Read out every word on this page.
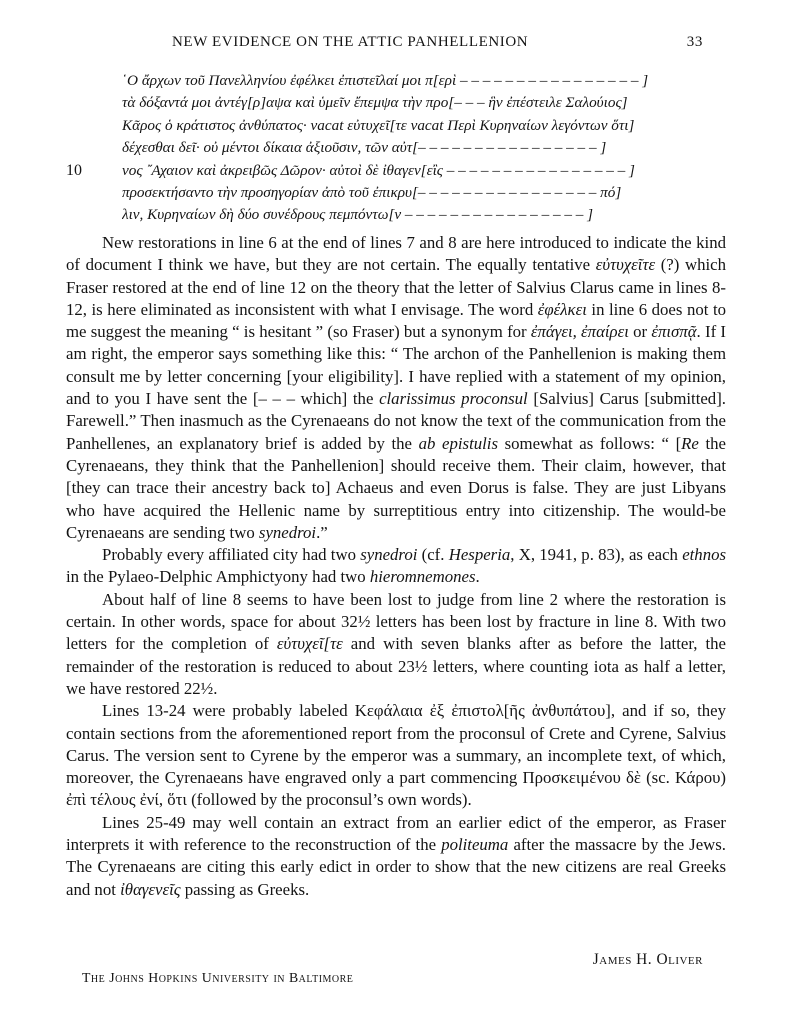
NEW EVIDENCE ON THE ATTIC PANHELLENION	33
῾Ο ἄρχων τοῦ Πανελληνίου ἐφέλκει ἐπιστεῖλαί μοι π[ερὶ – – – – – – – – – – – – – – – – ]
τὰ δόξαντά μοι ἀντέγ[ρ]αψα καὶ ὑμεῖν ἔπεμψα τὴν προ[– – – ἣν ἐπέστειλε Σαλούιος]
Κᾶρος ὁ κράτιστος ἀνθύπατος· vacat εὐτυχεῖ[τε vacat Περὶ Κυρηναίων λεγόντων ὅτι]
δέχεσθαι δεῖ· οὐ μέντοι δίκαια ἀξιοῦσιν, τῶν αὐτ[– – – – – – – – – – – – – – – – ]
10	νος ῎Αχαιον καὶ ἀκρειβῶς Δῶρον· αὐτοὶ δὲ ἰθαγεν[εἲς – – – – – – – – – – – – – – – – ]
προσεκτήσαντο τὴν προσηγορίαν ἀπὸ τοῦ ἐπικρυ[– – – – – – – – – – – – – – – – πό]
λιν, Κυρηναίων δὴ δύο συνέδρους πεμπόντω[ν – – – – – – – – – – – – – – – – ]

New restorations in line 6 at the end of lines 7 and 8 are here introduced to indicate the kind of document I think we have, but they are not certain. The equally tentative εὐτυχεῖτε (?) which Fraser restored at the end of line 12 on the theory that the letter of Salvius Clarus came in lines 8-12, is here eliminated as inconsistent with what I envisage. The word ἐφέλκει in line 6 does not to me suggest the meaning “ is hesitant ” (so Fraser) but a synonym for ἐπάγει, ἐπαίρει or ἐπισπᾷ. If I am right, the emperor says something like this: “ The archon of the Panhellenion is making them consult me by letter concerning [your eligibility]. I have replied with a statement of my opinion, and to you I have sent the [– – – which] the clarissimus proconsul [Salvius] Carus [submitted]. Farewell.” Then inasmuch as the Cyrenaeans do not know the text of the communication from the Panhellenes, an explanatory brief is added by the ab epistulis somewhat as follows: “ [Re the Cyrenaeans, they think that the Panhellenion] should receive them. Their claim, however, that [they can trace their ancestry back to] Achaeus and even Dorus is false. They are just Libyans who have acquired the Hellenic name by surreptitious entry into citizenship. The would-be Cyrenaeans are sending two synedroi.”

Probably every affiliated city had two synedroi (cf. Hesperia, X, 1941, p. 83), as each ethnos in the Pylaeo-Delphic Amphictyony had two hieromnemones.

About half of line 8 seems to have been lost to judge from line 2 where the restoration is certain. In other words, space for about 32½ letters has been lost by fracture in line 8. With two letters for the completion of εὐτυχεῖ[τε and with seven blanks after as before the latter, the remainder of the restoration is reduced to about 23½ letters, where counting iota as half a letter, we have restored 22½.

Lines 13-24 were probably labeled Κεφάλαια ἐξ ἐπιστολ[ῆς ἀνθυπάτου], and if so, they contain sections from the aforementioned report from the proconsul of Crete and Cyrene, Salvius Carus. The version sent to Cyrene by the emperor was a summary, an incomplete text, of which, moreover, the Cyrenaeans have engraved only a part commencing Προσκειμένου δὲ (sc. Κάρου) ἐπὶ τέλους ἐνί, ὅτι (followed by the proconsul’s own words).

Lines 25-49 may well contain an extract from an earlier edict of the emperor, as Fraser interprets it with reference to the reconstruction of the politeuma after the massacre by the Jews. The Cyrenaeans are citing this early edict in order to show that the new citizens are real Greeks and not ἰθαγενεῖς passing as Greeks.

James H. Oliver
The Johns Hopkins University in Baltimore
